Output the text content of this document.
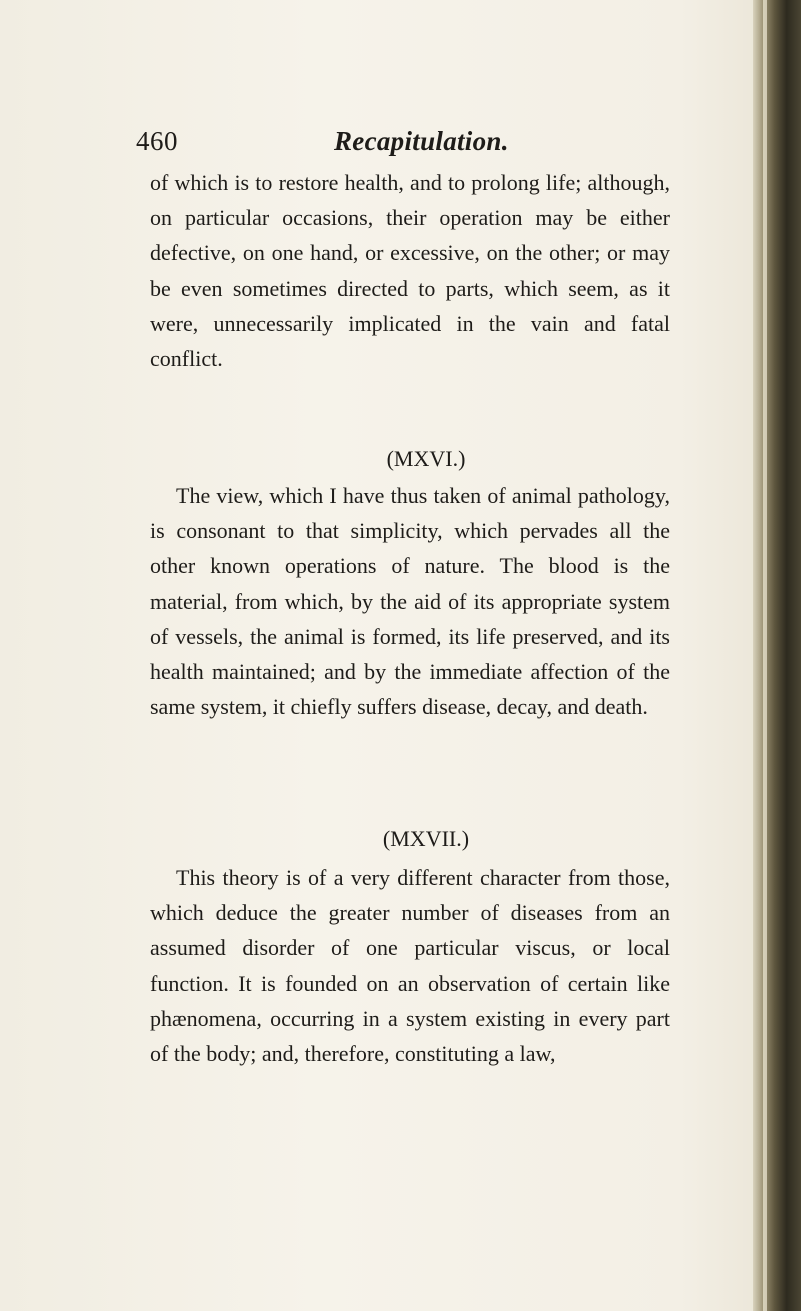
460	Recapitulation.

of which is to restore health, and to prolong life; although, on particular occasions, their operation may be either defective, on one hand, or excessive, on the other; or may be even sometimes directed to parts, which seem, as it were, unnecessarily implicated in the vain and fatal conflict.

(MXVI.)

The view, which I have thus taken of animal pathology, is consonant to that simplicity, which pervades all the other known operations of nature. The blood is the material, from which, by the aid of its appropriate system of vessels, the animal is formed, its life preserved, and its health maintained; and by the immediate affection of the same system, it chiefly suffers disease, decay, and death.

(MXVII.)

This theory is of a very different character from those, which deduce the greater number of diseases from an assumed disorder of one particular viscus, or local function. It is founded on an observation of certain like phænomena, occurring in a system existing in every part of the body; and, therefore, constituting a law,
